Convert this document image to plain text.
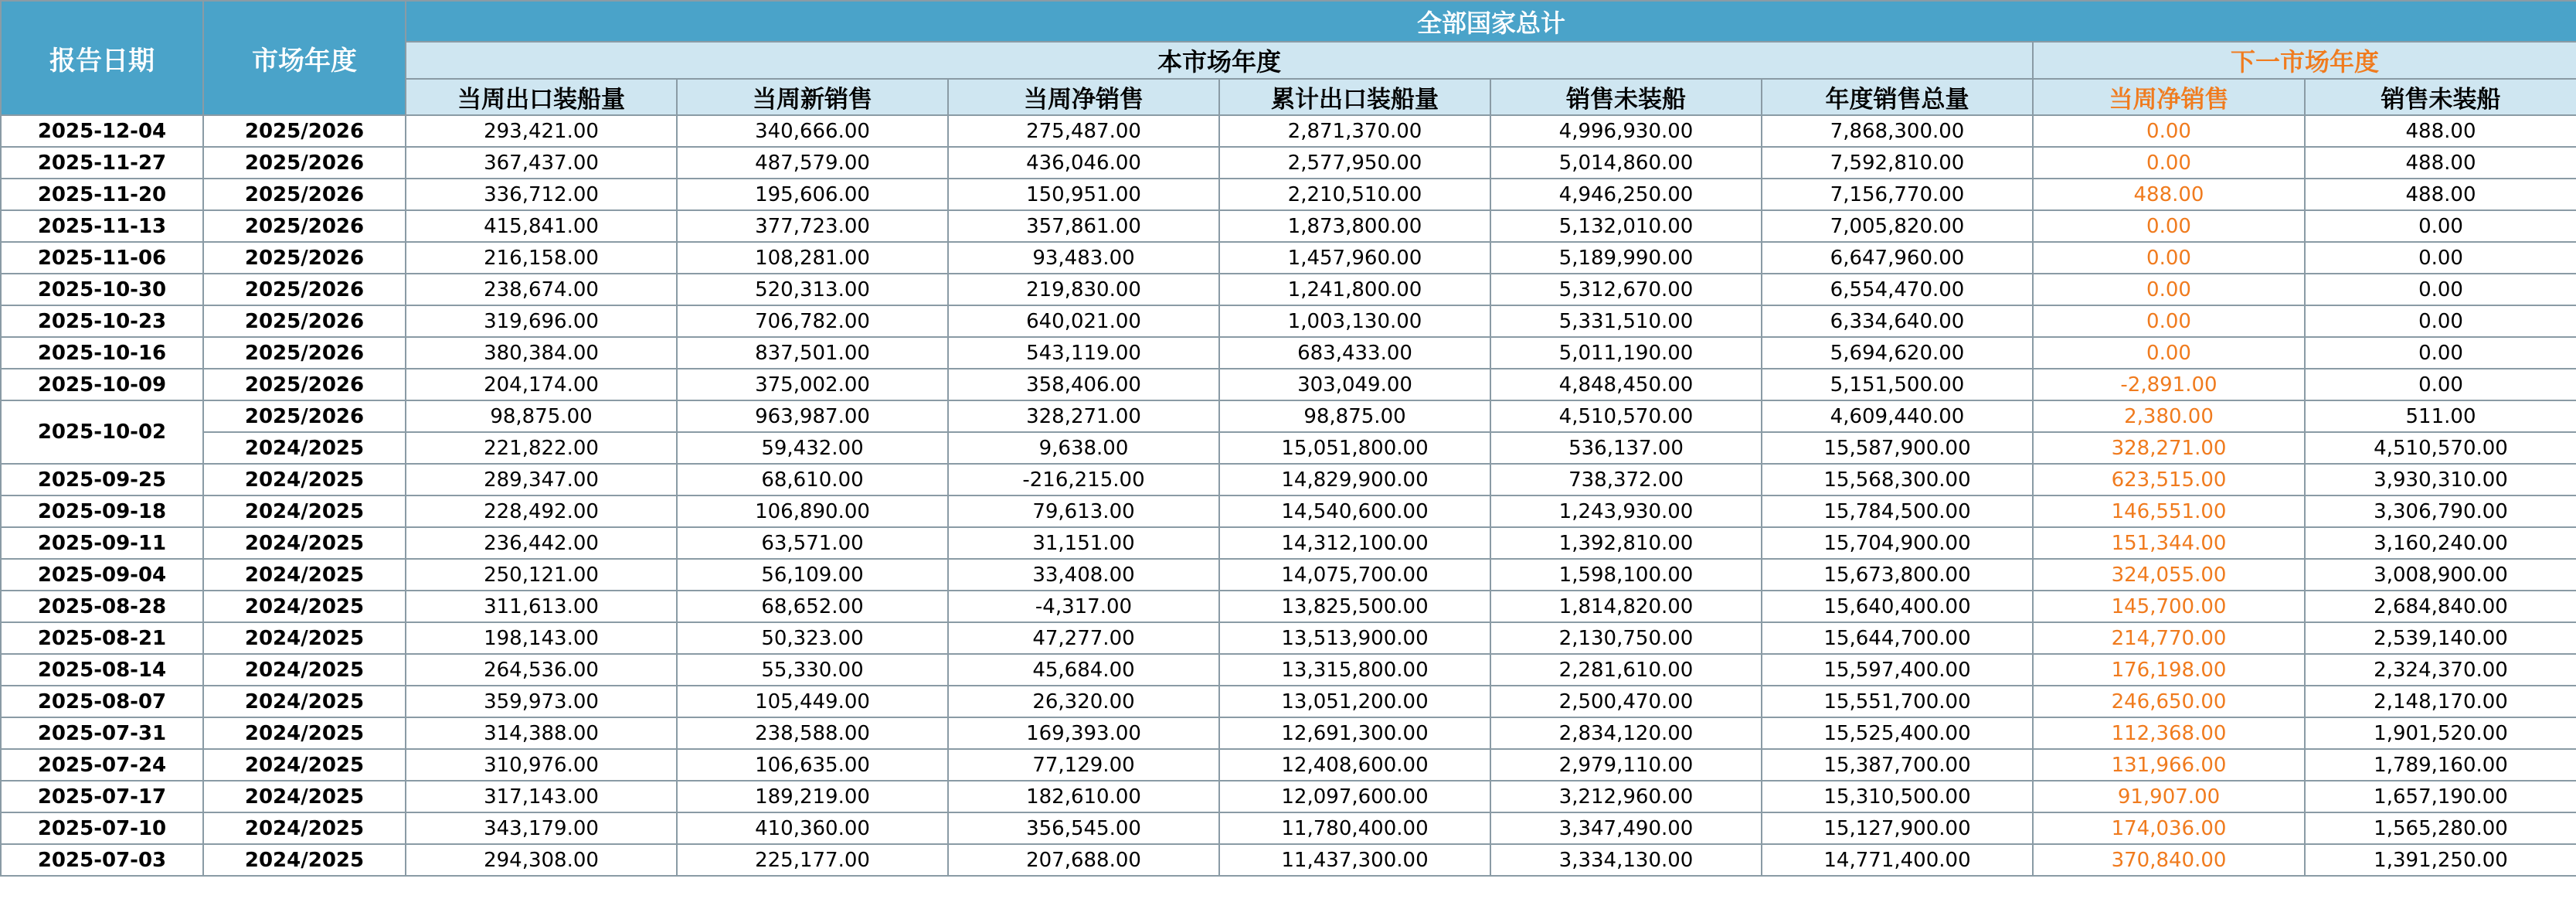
报告日期	市场年度	全部国家总计							
		本市场年度						下一市场年度	
		当周出口装船量	当周新销售	当周净销售	累计出口装船量	销售未装船	年度销售总量	当周净销售	销售未装船
2025-12-04	2025/2026	293,421.00	340,666.00	275,487.00	2,871,370.00	4,996,930.00	7,868,300.00	0.00	488.00
2025-11-27	2025/2026	367,437.00	487,579.00	436,046.00	2,577,950.00	5,014,860.00	7,592,810.00	0.00	488.00
2025-11-20	2025/2026	336,712.00	195,606.00	150,951.00	2,210,510.00	4,946,250.00	7,156,770.00	488.00	488.00
2025-11-13	2025/2026	415,841.00	377,723.00	357,861.00	1,873,800.00	5,132,010.00	7,005,820.00	0.00	0.00
2025-11-06	2025/2026	216,158.00	108,281.00	93,483.00	1,457,960.00	5,189,990.00	6,647,960.00	0.00	0.00
2025-10-30	2025/2026	238,674.00	520,313.00	219,830.00	1,241,800.00	5,312,670.00	6,554,470.00	0.00	0.00
2025-10-23	2025/2026	319,696.00	706,782.00	640,021.00	1,003,130.00	5,331,510.00	6,334,640.00	0.00	0.00
2025-10-16	2025/2026	380,384.00	837,501.00	543,119.00	683,433.00	5,011,190.00	5,694,620.00	0.00	0.00
2025-10-09	2025/2026	204,174.00	375,002.00	358,406.00	303,049.00	4,848,450.00	5,151,500.00	-2,891.00	0.00
2025-10-02	2025/2026	98,875.00	963,987.00	328,271.00	98,875.00	4,510,570.00	4,609,440.00	2,380.00	511.00
	2024/2025	221,822.00	59,432.00	9,638.00	15,051,800.00	536,137.00	15,587,900.00	328,271.00	4,510,570.00
2025-09-25	2024/2025	289,347.00	68,610.00	-216,215.00	14,829,900.00	738,372.00	15,568,300.00	623,515.00	3,930,310.00
2025-09-18	2024/2025	228,492.00	106,890.00	79,613.00	14,540,600.00	1,243,930.00	15,784,500.00	146,551.00	3,306,790.00
2025-09-11	2024/2025	236,442.00	63,571.00	31,151.00	14,312,100.00	1,392,810.00	15,704,900.00	151,344.00	3,160,240.00
2025-09-04	2024/2025	250,121.00	56,109.00	33,408.00	14,075,700.00	1,598,100.00	15,673,800.00	324,055.00	3,008,900.00
2025-08-28	2024/2025	311,613.00	68,652.00	-4,317.00	13,825,500.00	1,814,820.00	15,640,400.00	145,700.00	2,684,840.00
2025-08-21	2024/2025	198,143.00	50,323.00	47,277.00	13,513,900.00	2,130,750.00	15,644,700.00	214,770.00	2,539,140.00
2025-08-14	2024/2025	264,536.00	55,330.00	45,684.00	13,315,800.00	2,281,610.00	15,597,400.00	176,198.00	2,324,370.00
2025-08-07	2024/2025	359,973.00	105,449.00	26,320.00	13,051,200.00	2,500,470.00	15,551,700.00	246,650.00	2,148,170.00
2025-07-31	2024/2025	314,388.00	238,588.00	169,393.00	12,691,300.00	2,834,120.00	15,525,400.00	112,368.00	1,901,520.00
2025-07-24	2024/2025	310,976.00	106,635.00	77,129.00	12,408,600.00	2,979,110.00	15,387,700.00	131,966.00	1,789,160.00
2025-07-17	2024/2025	317,143.00	189,219.00	182,610.00	12,097,600.00	3,212,960.00	15,310,500.00	91,907.00	1,657,190.00
2025-07-10	2024/2025	343,179.00	410,360.00	356,545.00	11,780,400.00	3,347,490.00	15,127,900.00	174,036.00	1,565,280.00
2025-07-03	2024/2025	294,308.00	225,177.00	207,688.00	11,437,300.00	3,334,130.00	14,771,400.00	370,840.00	1,391,250.00
